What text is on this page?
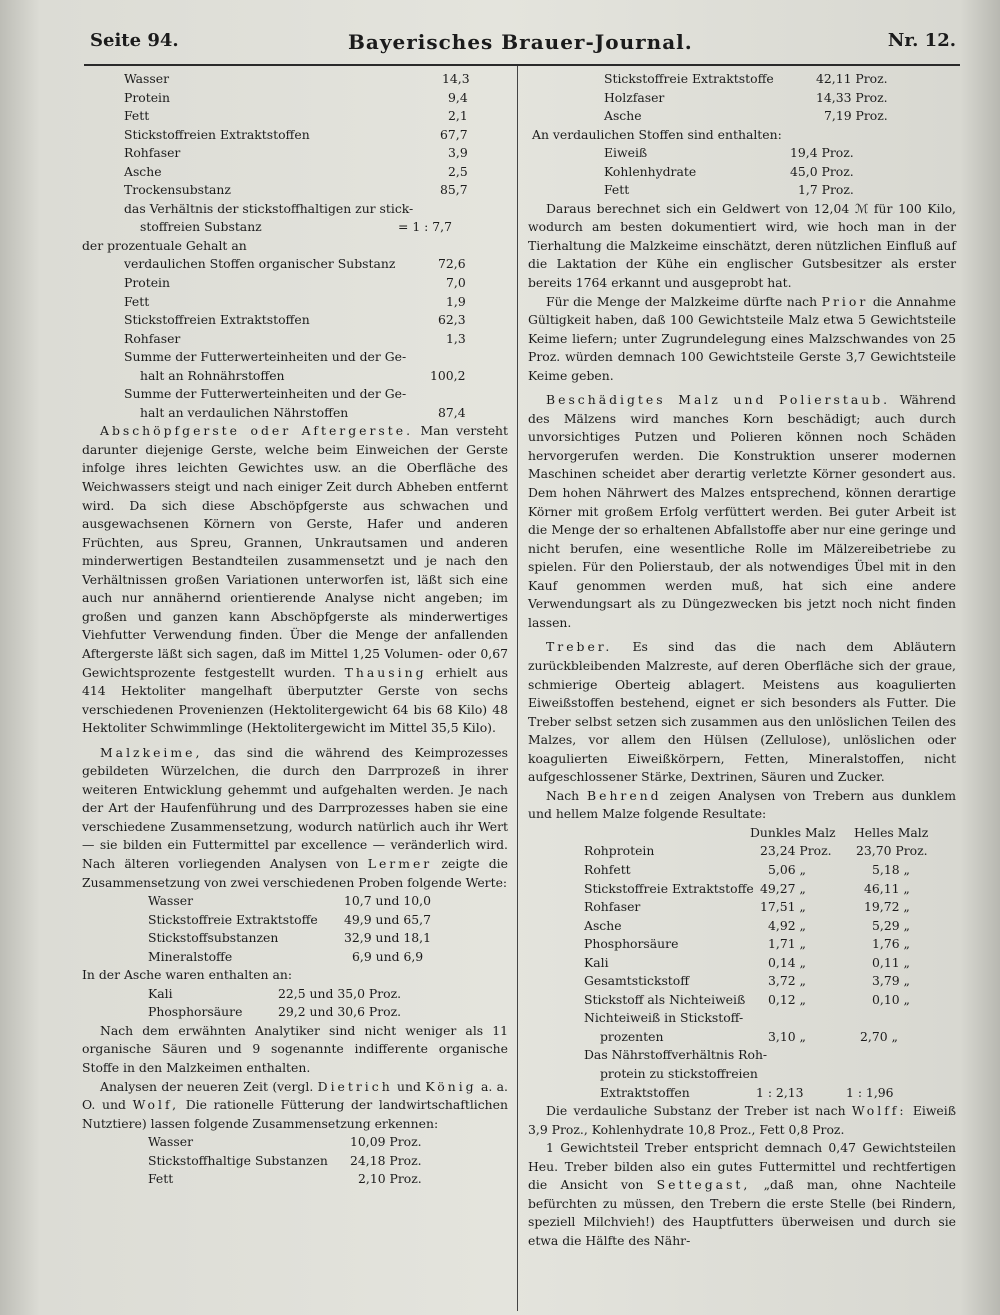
Seite 94.	Bayerisches Brauer-Journal.	Nr. 12.
Wasser	14,3
Protein	9,4
Fett	2,1
Stickstoffreien Extraktstoffen	67,7
Rohfaser	3,9
Asche	2,5
Trockensubstanz	85,7
das Verhältnis der stickstoffhaltigen zur stick-
stoffreien Substanz	= 1 : 7,7
der prozentuale Gehalt an
verdaulichen Stoffen organischer Substanz	72,6
Protein	7,0
Fett	1,9
Stickstoffreien Extraktstoffen	62,3
Rohfaser	1,3
Summe der Futterwerteinheiten und der Ge-
halt an Rohnährstoffen	100,2
Summe der Futterwerteinheiten und der Ge-
halt an verdaulichen Nährstoffen	87,4

Abschöpfgerste oder Aftergerste. Man versteht darunter diejenige Gerste, welche beim Einweichen der Gerste infolge ihres leichten Gewichtes usw. an die Oberfläche des Weichwassers steigt und nach einiger Zeit durch Abheben entfernt wird. Da sich diese Abschöpfgerste aus schwachen und ausgewachsenen Körnern von Gerste, Hafer und anderen Früchten, aus Spreu, Grannen, Unkrautsamen und anderen minderwertigen Bestandteilen zusammensetzt und je nach den Verhältnissen großen Variationen unterworfen ist, läßt sich eine auch nur annähernd orientierende Analyse nicht angeben; im großen und ganzen kann Abschöpfgerste als minderwertiges Viehfutter Verwendung finden. Über die Menge der anfallenden Aftergerste läßt sich sagen, daß im Mittel 1,25 Volumen- oder 0,67 Gewichtsprozente festgestellt wurden. Thausing erhielt aus 414 Hektoliter mangelhaft überputzter Gerste von sechs verschiedenen Provenienzen (Hektolitergewicht 64 bis 68 Kilo) 48 Hektoliter Schwimmlinge (Hektolitergewicht im Mittel 35,5 Kilo).

Malzkeime, das sind die während des Keimprozesses gebildeten Würzelchen, die durch den Darrprozeß in ihrer weiteren Entwicklung gehemmt und aufgehalten werden. Je nach der Art der Haufenführung und des Darrprozesses haben sie eine verschiedene Zusammensetzung, wodurch natürlich auch ihr Wert — sie bilden ein Futtermittel par excellence — veränderlich wird. Nach älteren vorliegenden Analysen von Lermer zeigte die Zusammensetzung von zwei verschiedenen Proben folgende Werte:

Wasser	10,7 und 10,0
Stickstoffreie Extraktstoffe 49,9 und 65,7
Stickstoffsubstanzen	32,9 und 18,1
Mineralstoffe	6,9 und 6,9
In der Asche waren enthalten an:
Kali	22,5 und 35,0 Proz.
Phosphorsäure	29,2 und 30,6 Proz.

Nach dem erwähnten Analytiker sind nicht weniger als 11 organische Säuren und 9 sogenannte indifferente organische Stoffe in den Malzkeimen enthalten.

Analysen der neueren Zeit (vergl. Dietrich und König a. a. O. und Wolf, Die rationelle Fütterung der landwirtschaftlichen Nutztiere) lassen folgende Zusammensetzung erkennen:

Wasser	10,09 Proz.
Stickstoffhaltige Substanzen 24,18 Proz.
Fett	2,10 Proz.
Stickstoffreie Extraktstoffe	42,11 Proz.
Holzfaser	14,33 Proz.
Asche	7,19 Proz.
An verdaulichen Stoffen sind enthalten:
Eiweiß	19,4 Proz.
Kohlenhydrate	45,0 Proz.
Fett	1,7 Proz.

Daraus berechnet sich ein Geldwert von 12,04 ℳ für 100 Kilo, wodurch am besten dokumentiert wird, wie hoch man in der Tierhaltung die Malzkeime einschätzt, deren nützlichen Einfluß auf die Laktation der Kühe ein englischer Gutsbesitzer als erster bereits 1764 erkannt und ausgeprobt hat.

Für die Menge der Malzkeime dürfte nach Prior die Annahme Gültigkeit haben, daß 100 Gewichtsteile Malz etwa 5 Gewichtsteile Keime liefern; unter Zugrundelegung eines Malzschwandes von 25 Proz. würden demnach 100 Gewichtsteile Gerste 3,7 Gewichtsteile Keime geben.

Beschädigtes Malz und Polierstaub. Während des Mälzens wird manches Korn beschädigt; auch durch unvorsichtiges Putzen und Polieren können noch Schäden hervorgerufen werden. Die Konstruktion unserer modernen Maschinen scheidet aber derartig verletzte Körner gesondert aus. Dem hohen Nährwert des Malzes entsprechend, können derartige Körner mit großem Erfolg verfüttert werden. Bei guter Arbeit ist die Menge der so erhaltenen Abfallstoffe aber nur eine geringe und nicht berufen, eine wesentliche Rolle im Mälzereibetriebe zu spielen. Für den Polierstaub, der als notwendiges Übel mit in den Kauf genommen werden muß, hat sich eine andere Verwendungsart als zu Düngezwecken bis jetzt noch nicht finden lassen.

Treber. Es sind das die nach dem Abläutern zurückbleibenden Malzreste, auf deren Oberfläche sich der graue, schmierige Oberteig ablagert. Meistens aus koagulierten Eiweißstoffen bestehend, eignet er sich besonders als Futter. Die Treber selbst setzen sich zusammen aus den unlöslichen Teilen des Malzes, vor allem den Hülsen (Zellulose), unlöslichen oder koagulierten Eiweißkörpern, Fetten, Mineralstoffen, nicht aufgeschlossener Stärke, Dextrinen, Säuren und Zucker.

Nach Behrend zeigen Analysen von Trebern aus dunklem und hellem Malze folgende Resultate:

Dunkles Malz Helles Malz
Rohprotein	23,24 Proz. 23,70 Proz.
Rohfett	5,06 „	5,18 „
Stickstoffreie Extraktstoffe 49,27 „	46,11 „
Rohfaser	17,51 „	19,72 „
Asche	4,92 „	5,29 „
Phosphorsäure	1,71 „	1,76 „
Kali	0,14 „	0,11 „
Gesamtstickstoff	3,72 „	3,79 „
Stickstoff als Nichteiweiß 0,12 „	0,10 „
Nichteiweiß in Stickstoff-
prozenten	3,10 „	2,70 „
Das Nährstoffverhältnis Roh-
protein zu stickstoffreien
Extraktstoffen	1 : 2,13	1 : 1,96

Die verdauliche Substanz der Treber ist nach Wolff: Eiweiß 3,9 Proz., Kohlenhydrate 10,8 Proz., Fett 0,8 Proz.

1 Gewichtsteil Treber entspricht demnach 0,47 Gewichtsteilen Heu. Treber bilden also ein gutes Futtermittel und rechtfertigen die Ansicht von Settegast, „daß man, ohne Nachteile befürchten zu müssen, den Trebern die erste Stelle (bei Rindern, speziell Milchvieh!) des Hauptfutters überweisen und durch sie etwa die Hälfte des Nähr-
